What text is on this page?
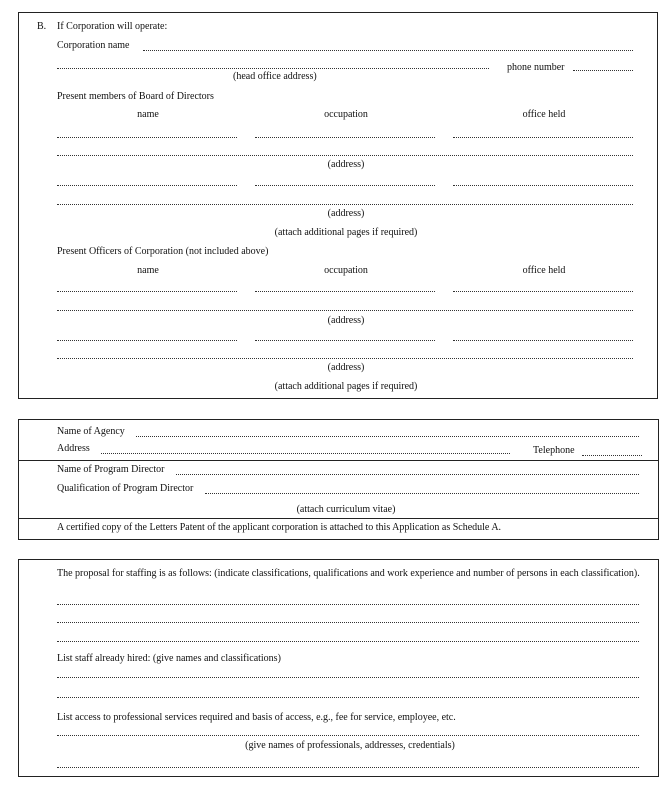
B. If Corporation will operate:
Corporation name
phone number
(head office address)
Present members of Board of Directors
name	occupation	office held
(address)
(address)
(attach additional pages if required)
Present Officers of Corporation (not included above)
name	occupation	office held
(address)
(address)
(attach additional pages if required)
Name of Agency
Address	Telephone
Name of Program Director
Qualification of Program Director
(attach curriculum vitae)
A certified copy of the Letters Patent of the applicant corporation is attached to this Application as Schedule A.
The proposal for staffing is as follows: (indicate classifications, qualifications and work experience and number of persons in each classification).
List staff already hired: (give names and classifications)
List access to professional services required and basis of access, e.g., fee for service, employee, etc.
(give names of professionals, addresses, credentials)
